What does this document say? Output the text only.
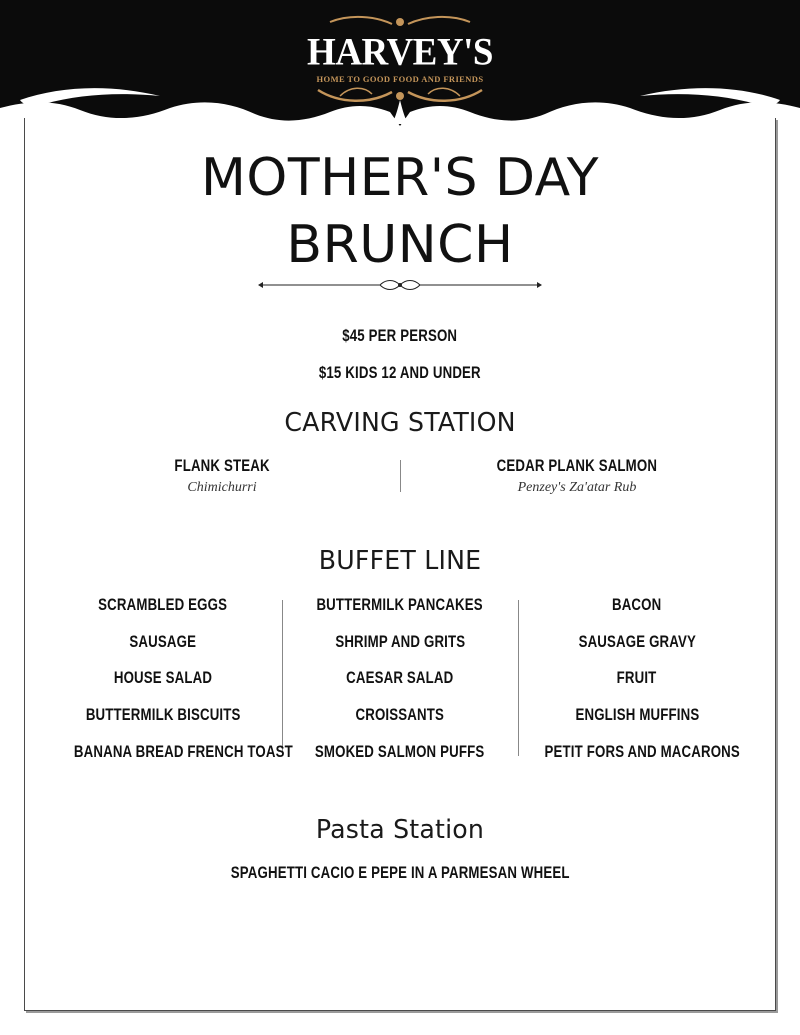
HARVEY'S
HOME TO GOOD FOOD AND FRIENDS
MOTHER'S DAY
BRUNCH
$45 PER PERSON
$15 KIDS 12 AND UNDER
CARVING STATION
FLANK STEAK
Chimichurri
CEDAR PLANK SALMON
Penzey's Za'atar Rub
BUFFET LINE
SCRAMBLED EGGS
SAUSAGE
HOUSE SALAD
BUTTERMILK BISCUITS
BANANA BREAD FRENCH TOAST
BUTTERMILK PANCAKES
SHRIMP AND GRITS
CAESAR SALAD
CROISSANTS
SMOKED SALMON PUFFS
BACON
SAUSAGE GRAVY
FRUIT
ENGLISH MUFFINS
PETIT FORS AND MACARONS
Pasta Station
SPAGHETTI CACIO E PEPE IN A PARMESAN WHEEL
